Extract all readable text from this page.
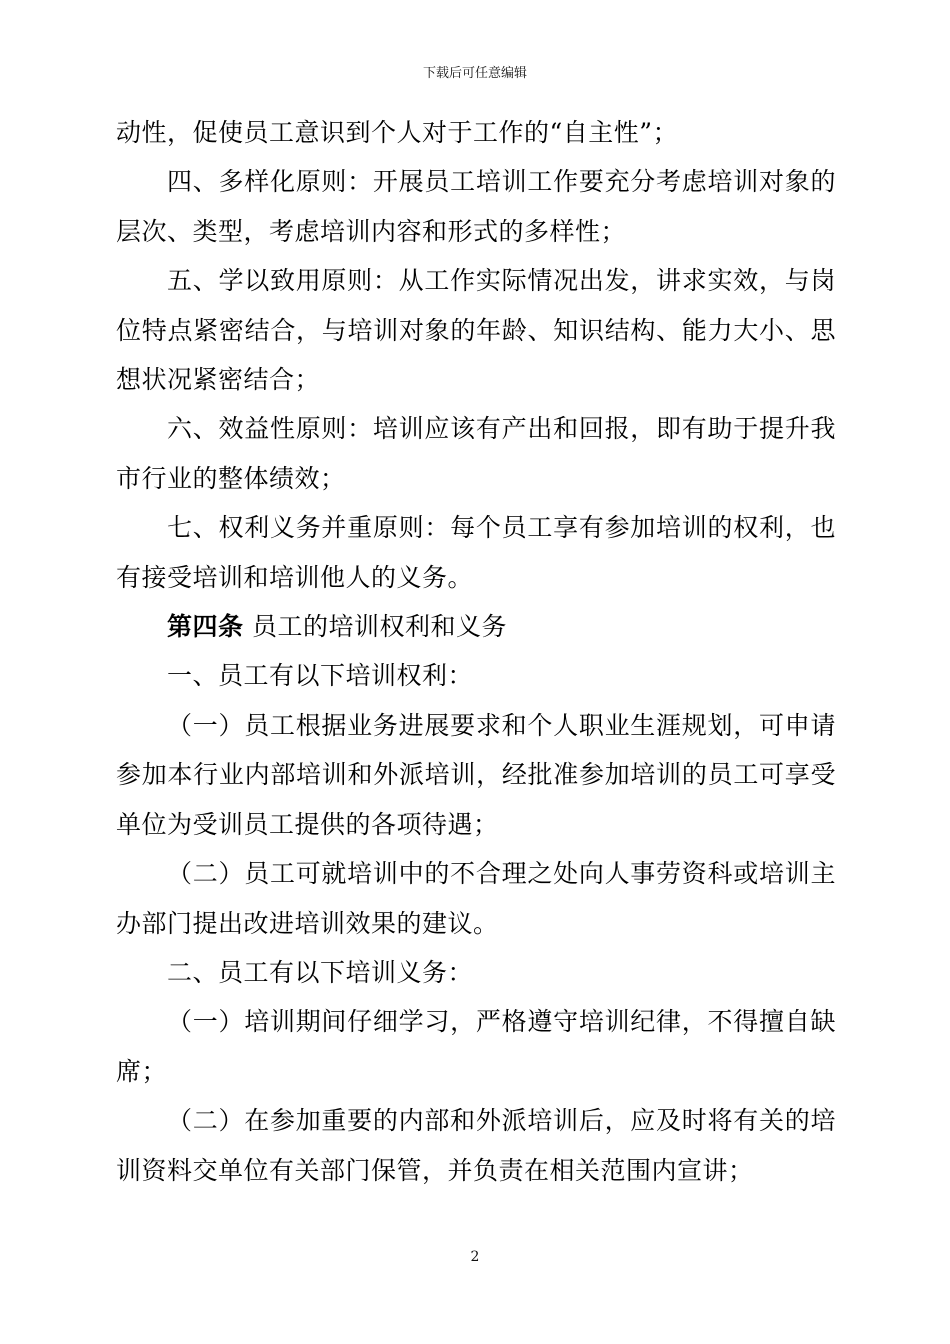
下载后可任意编辑

动性，促使员工意识到个人对于工作的“自主性”；

四、多样化原则：开展员工培训工作要充分考虑培训对象的层次、类型，考虑培训内容和形式的多样性；

五、学以致用原则：从工作实际情况出发，讲求实效，与岗位特点紧密结合，与培训对象的年龄、知识结构、能力大小、思想状况紧密结合；

六、效益性原则：培训应该有产出和回报，即有助于提升我市行业的整体绩效；

七、权利义务并重原则：每个员工享有参加培训的权利，也有接受培训和培训他人的义务。

第四条 员工的培训权利和义务

一、员工有以下培训权利：

（一）员工根据业务进展要求和个人职业生涯规划，可申请参加本行业内部培训和外派培训，经批准参加培训的员工可享受单位为受训员工提供的各项待遇；

（二）员工可就培训中的不合理之处向人事劳资科或培训主办部门提出改进培训效果的建议。

二、员工有以下培训义务：

（一）培训期间仔细学习，严格遵守培训纪律，不得擅自缺席；

（二）在参加重要的内部和外派培训后，应及时将有关的培训资料交单位有关部门保管，并负责在相关范围内宣讲；

2
